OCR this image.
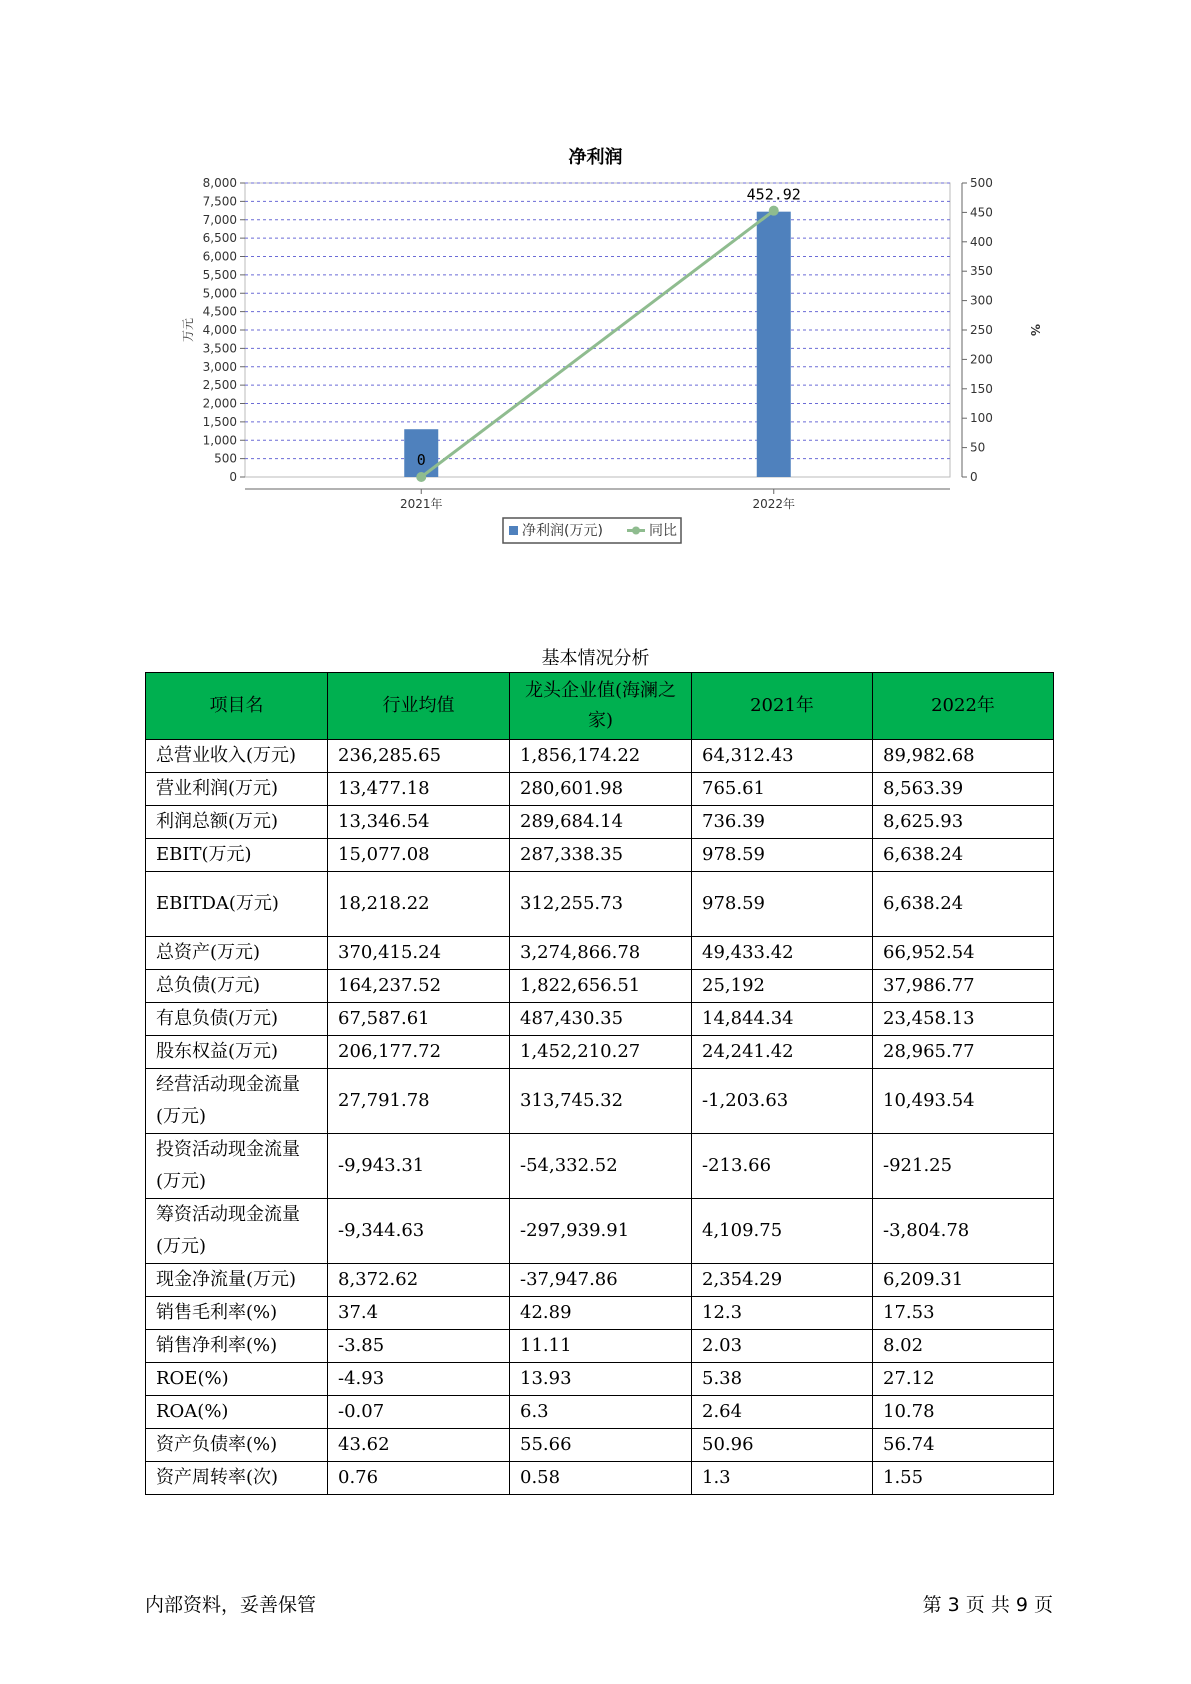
净利润
0
500
1,000
1,500
2,000
2,500
3,000
3,500
4,000
4,500
5,000
5,500
6,000
6,500
7,000
7,500
8,000
0
50
100
150
200
250
300
350
400
450
500
万元	%
2021年	2022年
0
452.92
净利润(万元)	同比
基本情况分析
项目名	行业均值	龙头企业值(海澜之家)	2021年	2022年
总营业收入(万元)	236,285.65	1,856,174.22	64,312.43	89,982.68
营业利润(万元)	13,477.18	280,601.98	765.61	8,563.39
利润总额(万元)	13,346.54	289,684.14	736.39	8,625.93
EBIT(万元)	15,077.08	287,338.35	978.59	6,638.24
EBITDA(万元)	18,218.22	312,255.73	978.59	6,638.24
总资产(万元)	370,415.24	3,274,866.78	49,433.42	66,952.54
总负债(万元)	164,237.52	1,822,656.51	25,192	37,986.77
有息负债(万元)	67,587.61	487,430.35	14,844.34	23,458.13
股东权益(万元)	206,177.72	1,452,210.27	24,241.42	28,965.77
经营活动现金流量(万元)	27,791.78	313,745.32	-1,203.63	10,493.54
投资活动现金流量(万元)	-9,943.31	-54,332.52	-213.66	-921.25
筹资活动现金流量(万元)	-9,344.63	-297,939.91	4,109.75	-3,804.78
现金净流量(万元)	8,372.62	-37,947.86	2,354.29	6,209.31
销售毛利率(%)	37.4	42.89	12.3	17.53
销售净利率(%)	-3.85	11.11	2.03	8.02
ROE(%)	-4.93	13.93	5.38	27.12
ROA(%)	-0.07	6.3	2.64	10.78
资产负债率(%)	43.62	55.66	50.96	56.74
资产周转率(次)	0.76	0.58	1.3	1.55
内部资料，妥善保管	第 3 页 共 9 页
